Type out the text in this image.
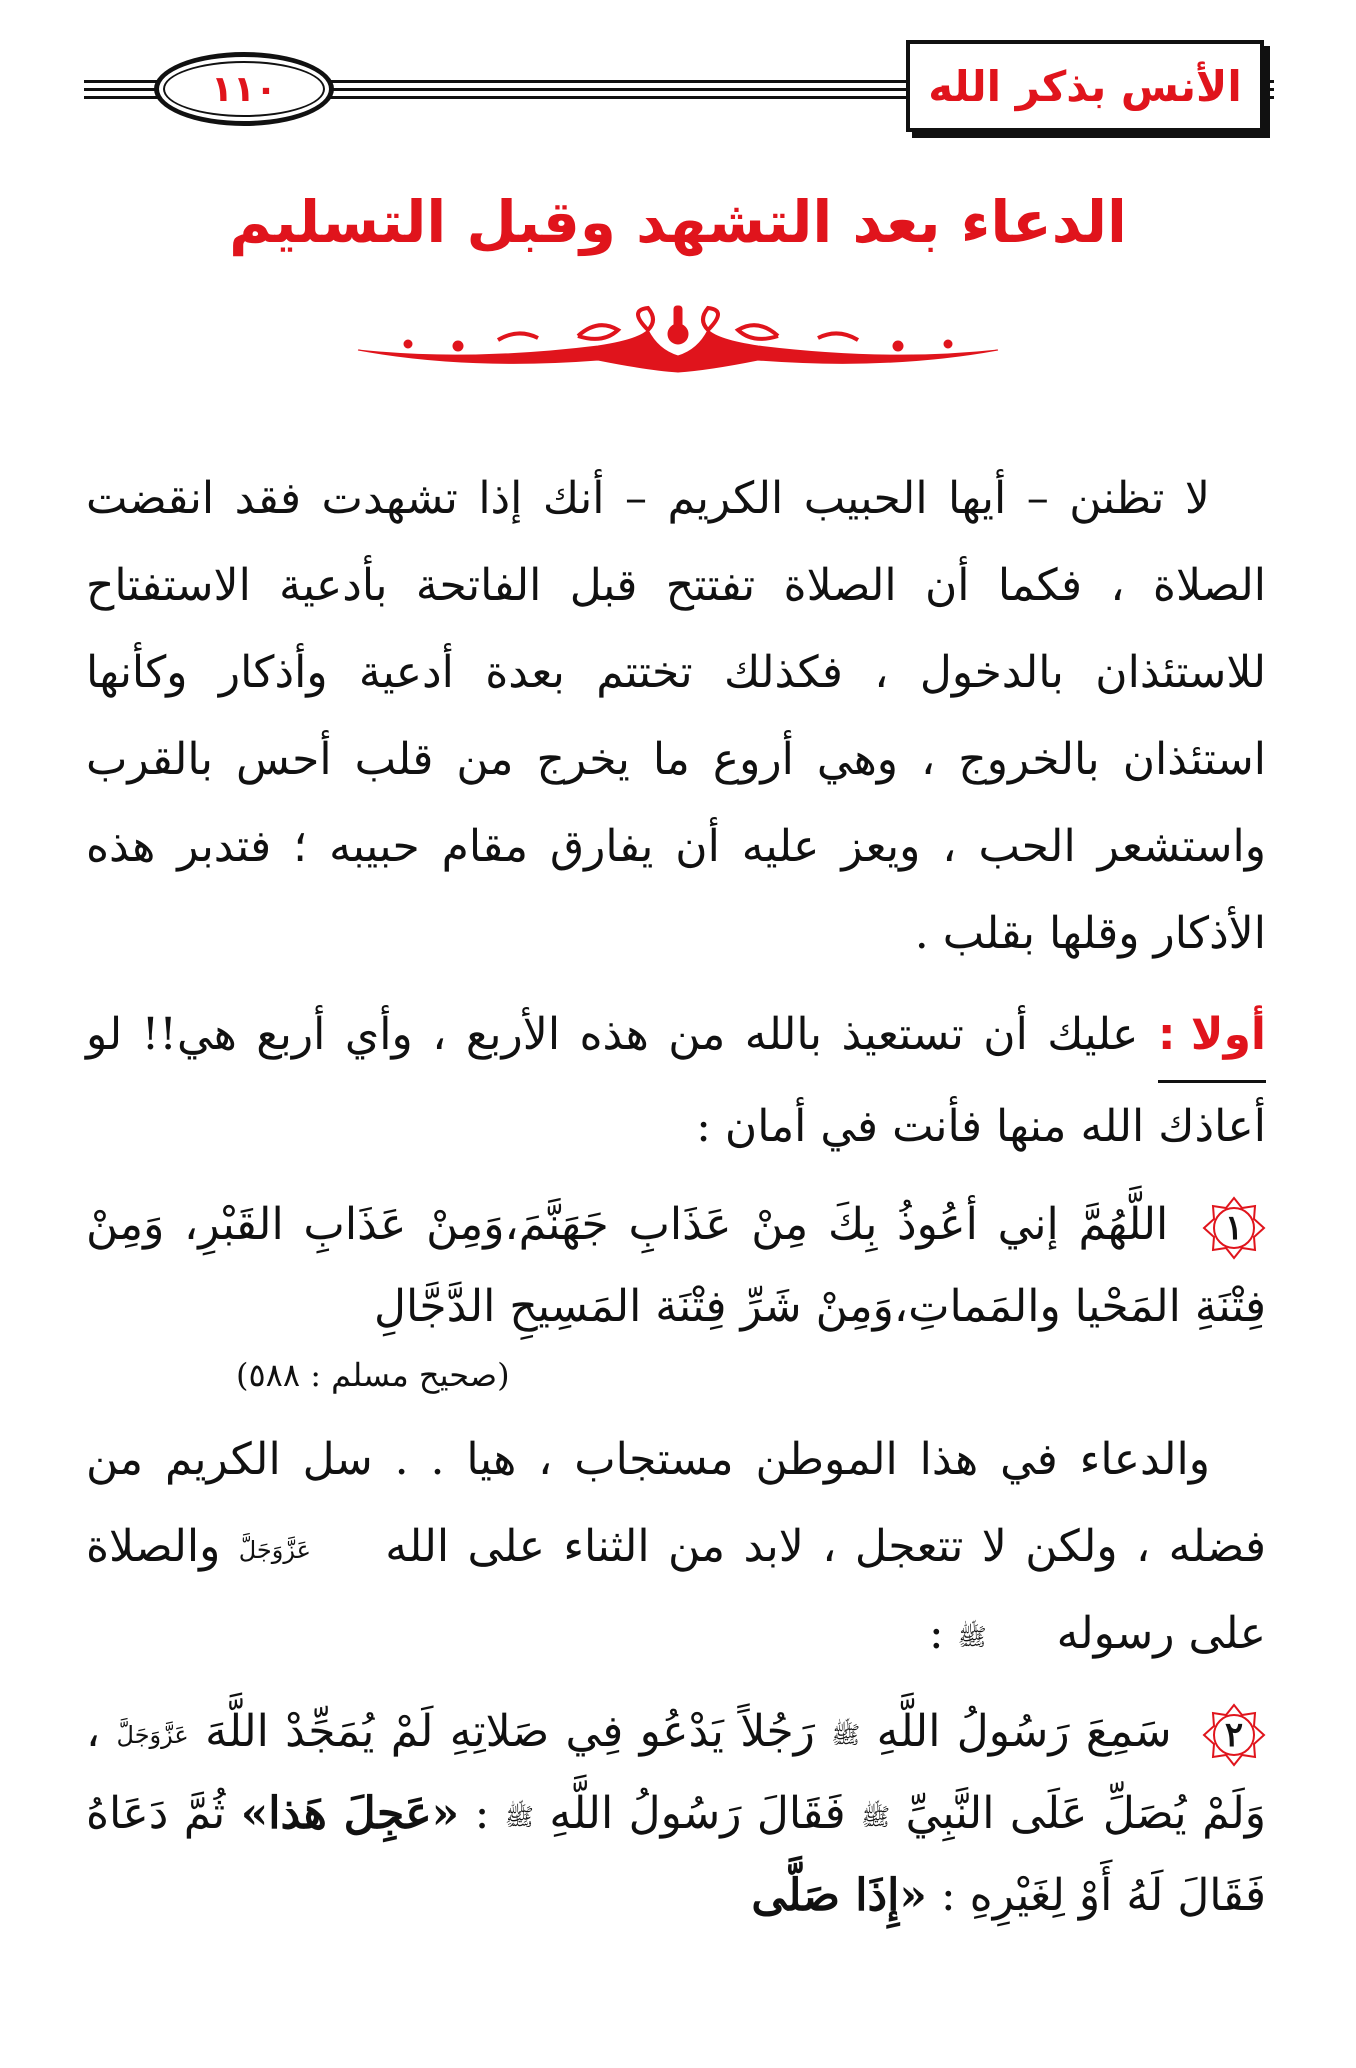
الأنس بذكر الله
١١٠
الدعاء بعد التشهد وقبل التسليم

لا تظنن – أيها الحبيب الكريم – أنك إذا تشهدت فقد انقضت الصلاة ، فكما أن الصلاة تفتتح قبل الفاتحة بأدعية الاستفتاح للاستئذان بالدخول ، فكذلك تختتم بعدة أدعية وأذكار وكأنها استئذان بالخروج ، وهي أروع ما يخرج من قلب أحس بالقرب واستشعر الحب ، ويعز عليه أن يفارق مقام حبيبه ؛ فتدبر هذه الأذكار وقلها بقلب .

أولا : عليك أن تستعيذ بالله من هذه الأربع ، وأي أربع هي!! لو أعاذك الله منها فأنت في أمان :

١
اللَّهُمَّ إني أعُوذُ بِكَ مِنْ عَذَابِ جَهَنَّمَ،وَمِنْ عَذَابِ القَبْرِ، وَمِنْ فِتْنَةِ المَحْيا والمَماتِ،وَمِنْ شَرِّ فِتْنَة المَسِيحِ الدَّجَّالِ

(صحيح مسلم : ٥٨٨)

والدعاء في هذا الموطن مستجاب ، هيا . . سل الكريم من فضله ، ولكن لا تتعجل ، لابد من الثناء على الله عَزَّوَجَلَّ والصلاة على رسوله ﷺ :

٢
سَمِعَ رَسُولُ اللَّهِ ﷺ رَجُلاً يَدْعُو فِي صَلاتِهِ لَمْ يُمَجِّدْ اللَّهَ عَزَّوَجَلَّ ، وَلَمْ يُصَلِّ عَلَى النَّبِيِّ ﷺ فَقَالَ رَسُولُ اللَّهِ ﷺ : «عَجِلَ هَذا» ثُمَّ دَعَاهُ فَقَالَ لَهُ أَوْ لِغَيْرِهِ : «إِذَا صَلَّى
